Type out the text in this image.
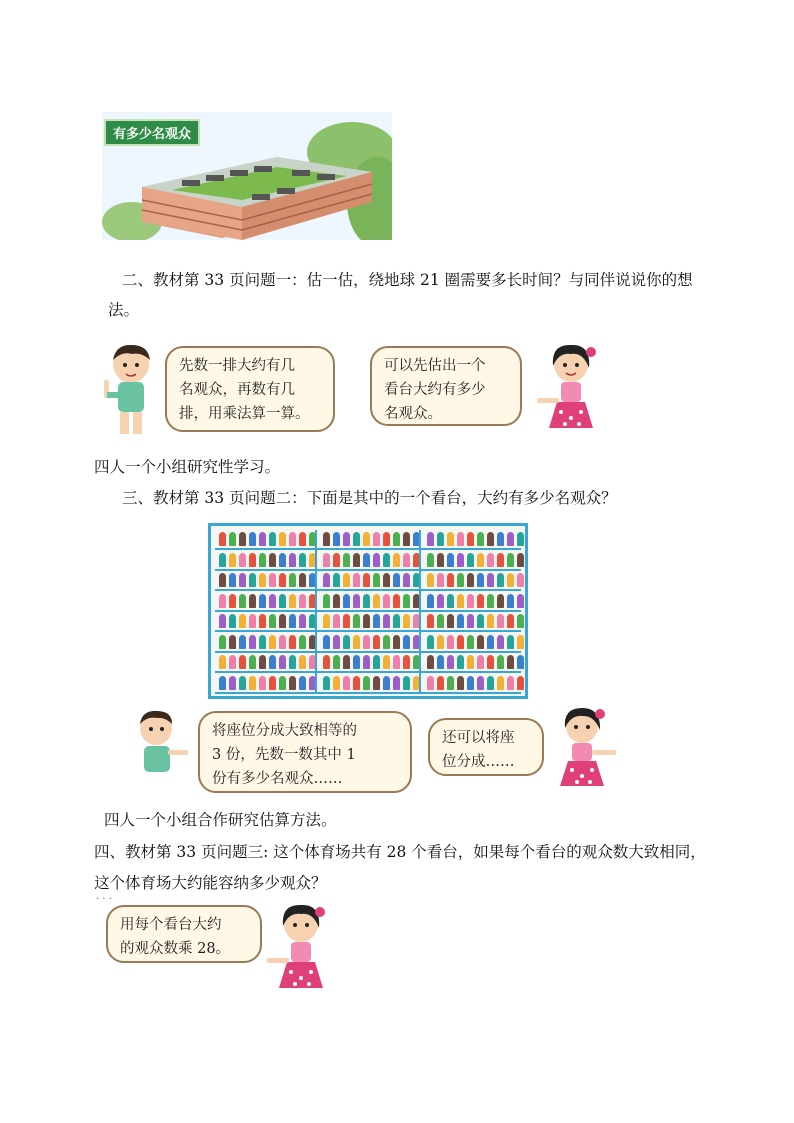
有多少名观众
二、教材第 33 页问题一：估一估，绕地球 21 圈需要多长时间？与同伴说说你的想
法。
先数一排大约有几
名观众，再数有几
排，用乘法算一算。
可以先估出一个
看台大约有多少
名观众。
四人一个小组研究性学习。
三、教材第 33 页问题二：下面是其中的一个看台，大约有多少名观众？
将座位分成大致相等的
3 份，先数一数其中 1
份有多少名观众……
还可以将座
位分成……
四人一个小组合作研究估算方法。
四、教材第 33 页问题三: 这个体育场共有 28 个看台，如果每个看台的观众数大致相同，
这个体育场大约能容纳多少观众？
· · ·
用每个看台大约
的观众数乘 28。
